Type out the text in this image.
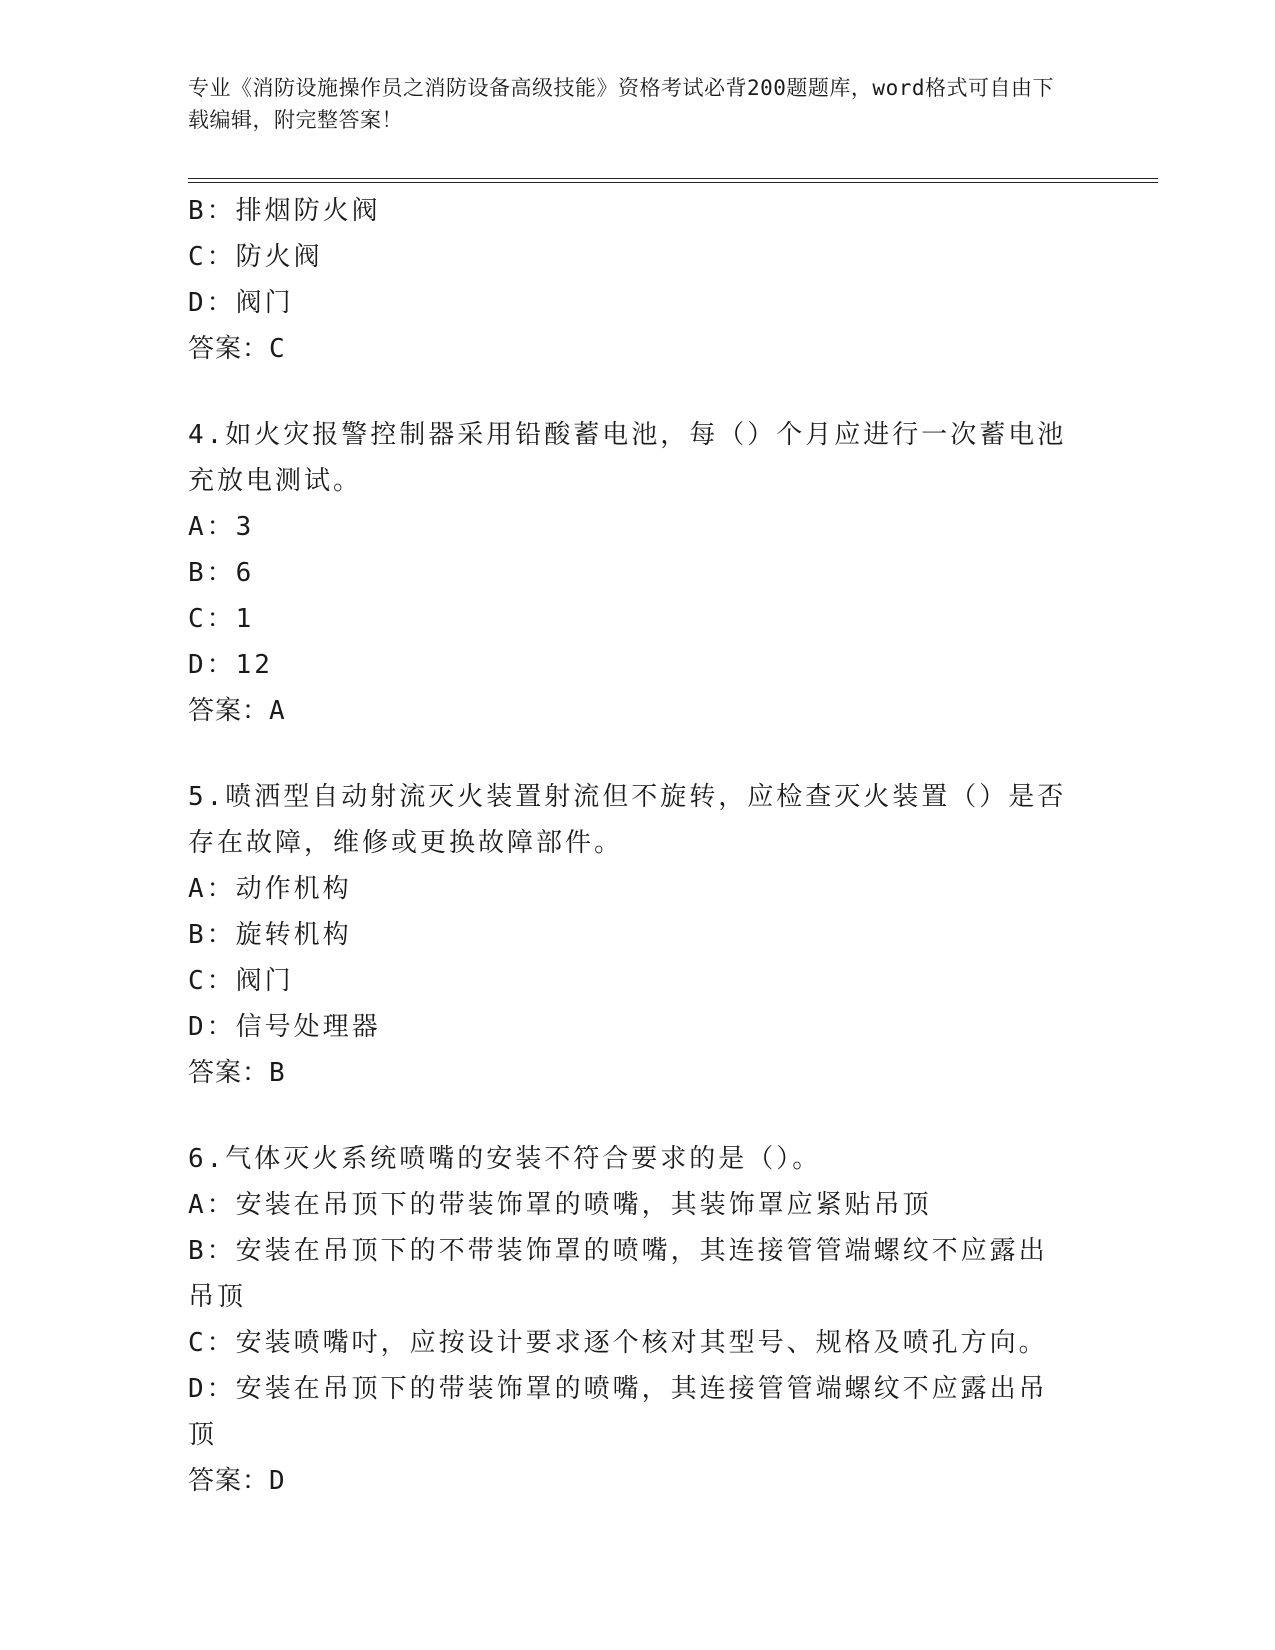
专业《消防设施操作员之消防设备高级技能》资格考试必背200题题库，word格式可自由下载编辑，附完整答案！

B：排烟防火阀

C：防火阀

D：阀门

答案：C

4.如火灾报警控制器采用铅酸蓄电池，每（）个月应进行一次蓄电池充放电测试。

A：3

B：6

C：1

D：12

答案：A

5.喷洒型自动射流灭火装置射流但不旋转，应检查灭火装置（）是否存在故障，维修或更换故障部件。

A：动作机构

B：旋转机构

C：阀门

D：信号处理器

答案：B

6.气体灭火系统喷嘴的安装不符合要求的是（）。

A：安装在吊顶下的带装饰罩的喷嘴，其装饰罩应紧贴吊顶

B：安装在吊顶下的不带装饰罩的喷嘴，其连接管管端螺纹不应露出吊顶

C：安装喷嘴吋，应按设计要求逐个核对其型号、规格及喷孔方向。

D：安装在吊顶下的带装饰罩的喷嘴，其连接管管端螺纹不应露出吊顶

答案：D
